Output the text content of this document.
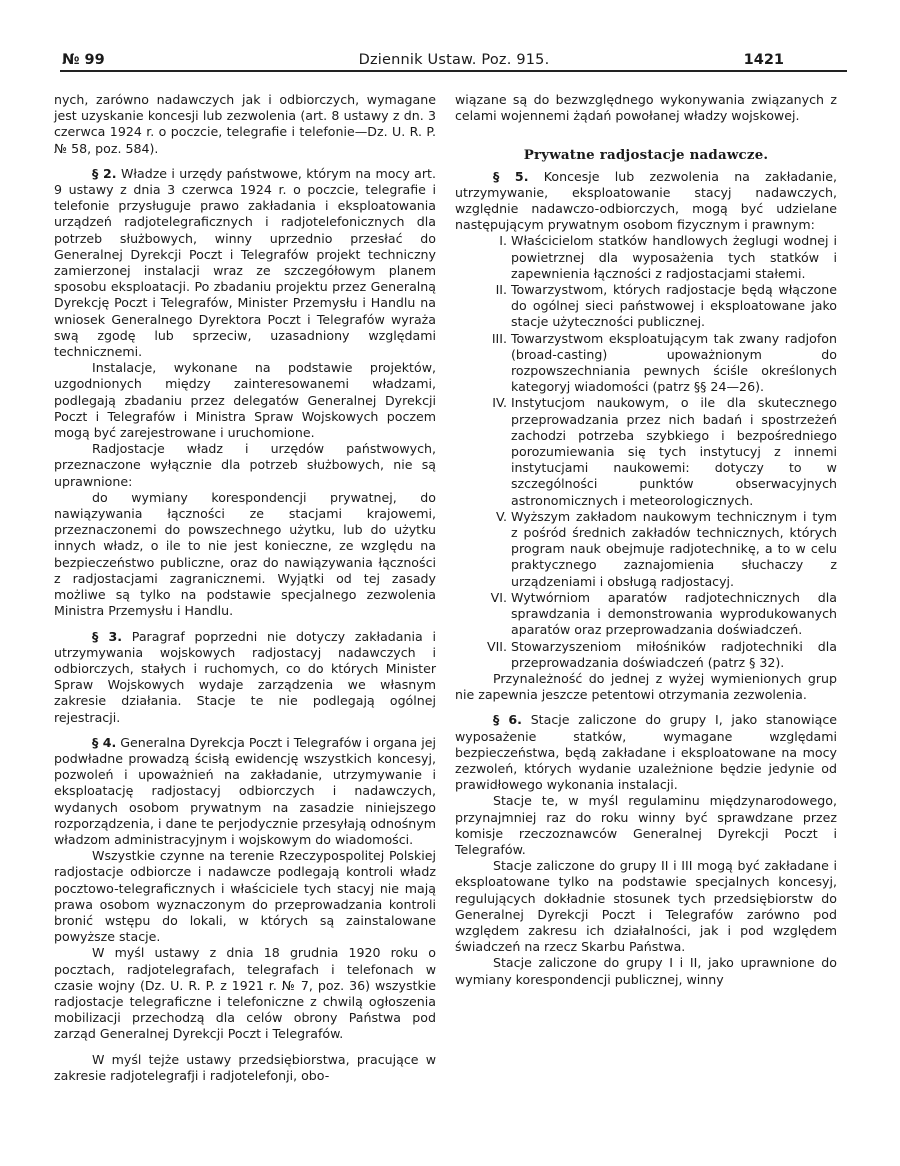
№ 99	Dziennik Ustaw. Poz. 915.	1421

nych, zarówno nadawczych jak i odbiorczych, wymagane jest uzyskanie koncesji lub zezwolenia (art. 8 ustawy z dn. 3 czerwca 1924 r. o poczcie, telegrafie i telefonie—Dz. U. R. P. № 58, poz. 584).

§ 2. Władze i urzędy państwowe, którym na mocy art. 9 ustawy z dnia 3 czerwca 1924 r. o poczcie, telegrafie i telefonie przysługuje prawo zakładania i eksploatowania urządzeń radjotelegraficznych i radjotelefonicznych dla potrzeb służbowych, winny uprzednio przesłać do Generalnej Dyrekcji Poczt i Telegrafów projekt techniczny zamierzonej instalacji wraz ze szczegółowym planem sposobu eksploatacji. Po zbadaniu projektu przez Generalną Dyrekcję Poczt i Telegrafów, Minister Przemysłu i Handlu na wniosek Generalnego Dyrektora Poczt i Telegrafów wyraża swą zgodę lub sprzeciw, uzasadniony względami technicznemi.

Instalacje, wykonane na podstawie projektów, uzgodnionych między zainteresowanemi władzami, podlegają zbadaniu przez delegatów Generalnej Dyrekcji Poczt i Telegrafów i Ministra Spraw Wojskowych poczem mogą być zarejestrowane i uruchomione.

Radjostacje władz i urzędów państwowych, przeznaczone wyłącznie dla potrzeb służbowych, nie są uprawnione:

do wymiany korespondencji prywatnej, do nawiązywania łączności ze stacjami krajowemi, przeznaczonemi do powszechnego użytku, lub do użytku innych władz, o ile to nie jest konieczne, ze względu na bezpieczeństwo publiczne, oraz do nawiązywania łączności z radjostacjami zagranicznemi. Wyjątki od tej zasady możliwe są tylko na podstawie specjalnego zezwolenia Ministra Przemysłu i Handlu.

§ 3. Paragraf poprzedni nie dotyczy zakładania i utrzymywania wojskowych radjostacyj nadawczych i odbiorczych, stałych i ruchomych, co do których Minister Spraw Wojskowych wydaje zarządzenia we własnym zakresie działania. Stacje te nie podlegają ogólnej rejestracji.

§ 4. Generalna Dyrekcja Poczt i Telegrafów i organa jej podwładne prowadzą ścisłą ewidencję wszystkich koncesyj, pozwoleń i upoważnień na zakładanie, utrzymywanie i eksploatację radjostacyj odbiorczych i nadawczych, wydanych osobom prywatnym na zasadzie niniejszego rozporządzenia, i dane te perjodycznie przesyłają odnośnym władzom administracyjnym i wojskowym do wiadomości.

Wszystkie czynne na terenie Rzeczypospolitej Polskiej radjostacje odbiorcze i nadawcze podlegają kontroli władz pocztowo-telegraficznych i właściciele tych stacyj nie mają prawa osobom wyznaczonym do przeprowadzania kontroli bronić wstępu do lokali, w których są zainstalowane powyższe stacje.

W myśl ustawy z dnia 18 grudnia 1920 roku o pocztach, radjotelegrafach, telegrafach i telefonach w czasie wojny (Dz. U. R. P. z 1921 r. № 7, poz. 36) wszystkie radjostacje telegraficzne i telefoniczne z chwilą ogłoszenia mobilizacji przechodzą dla celów obrony Państwa pod zarząd Generalnej Dyrekcji Poczt i Telegrafów.

W myśl tejże ustawy przedsiębiorstwa, pracujące w zakresie radjotelegrafji i radjotelefonji, obo-

wiązane są do bezwzględnego wykonywania związanych z celami wojennemi żądań powołanej władzy wojskowej.

Prywatne radjostacje nadawcze.

§ 5. Koncesje lub zezwolenia na zakładanie, utrzymywanie, eksploatowanie stacyj nadawczych, względnie nadawczo-odbiorczych, mogą być udzielane następującym prywatnym osobom fizycznym i prawnym:

I. Właścicielom statków handlowych żeglugi wodnej i powietrznej dla wyposażenia tych statków i zapewnienia łączności z radjostacjami stałemi.
II. Towarzystwom, których radjostacje będą włączone do ogólnej sieci państwowej i eksploatowane jako stacje użyteczności publicznej.
III. Towarzystwom eksploatującym tak zwany radjofon (broad-casting) upoważnionym do rozpowszechniania pewnych ściśle określonych kategoryj wiadomości (patrz §§ 24—26).
IV. Instytucjom naukowym, o ile dla skutecznego przeprowadzania przez nich badań i spostrzeżeń zachodzi potrzeba szybkiego i bezpośredniego porozumiewania się tych instytucyj z innemi instytucjami naukowemi: dotyczy to w szczególności punktów obserwacyjnych astronomicznych i meteorologicznych.
V. Wyższym zakładom naukowym technicznym i tym z pośród średnich zakładów technicznych, których program nauk obejmuje radjotechnikę, a to w celu praktycznego zaznajomienia słuchaczy z urządzeniami i obsługą radjostacyj.
VI. Wytwórniom aparatów radjotechnicznych dla sprawdzania i demonstrowania wyprodukowanych aparatów oraz przeprowadzania doświadczeń.
VII. Stowarzyszeniom miłośników radjotechniki dla przeprowadzania doświadczeń (patrz § 32).

Przynależność do jednej z wyżej wymienionych grup nie zapewnia jeszcze petentowi otrzymania zezwolenia.

§ 6. Stacje zaliczone do grupy I, jako stanowiące wyposażenie statków, wymagane względami bezpieczeństwa, będą zakładane i eksploatowane na mocy zezwoleń, których wydanie uzależnione będzie jedynie od prawidłowego wykonania instalacji.

Stacje te, w myśl regulaminu międzynarodowego, przynajmniej raz do roku winny być sprawdzane przez komisje rzeczoznawców Generalnej Dyrekcji Poczt i Telegrafów.

Stacje zaliczone do grupy II i III mogą być zakładane i eksploatowane tylko na podstawie specjalnych koncesyj, regulujących dokładnie stosunek tych przedsiębiorstw do Generalnej Dyrekcji Poczt i Telegrafów zarówno pod względem zakresu ich działalności, jak i pod względem świadczeń na rzecz Skarbu Państwa.

Stacje zaliczone do grupy I i II, jako uprawnione do wymiany korespondencji publicznej, winny
